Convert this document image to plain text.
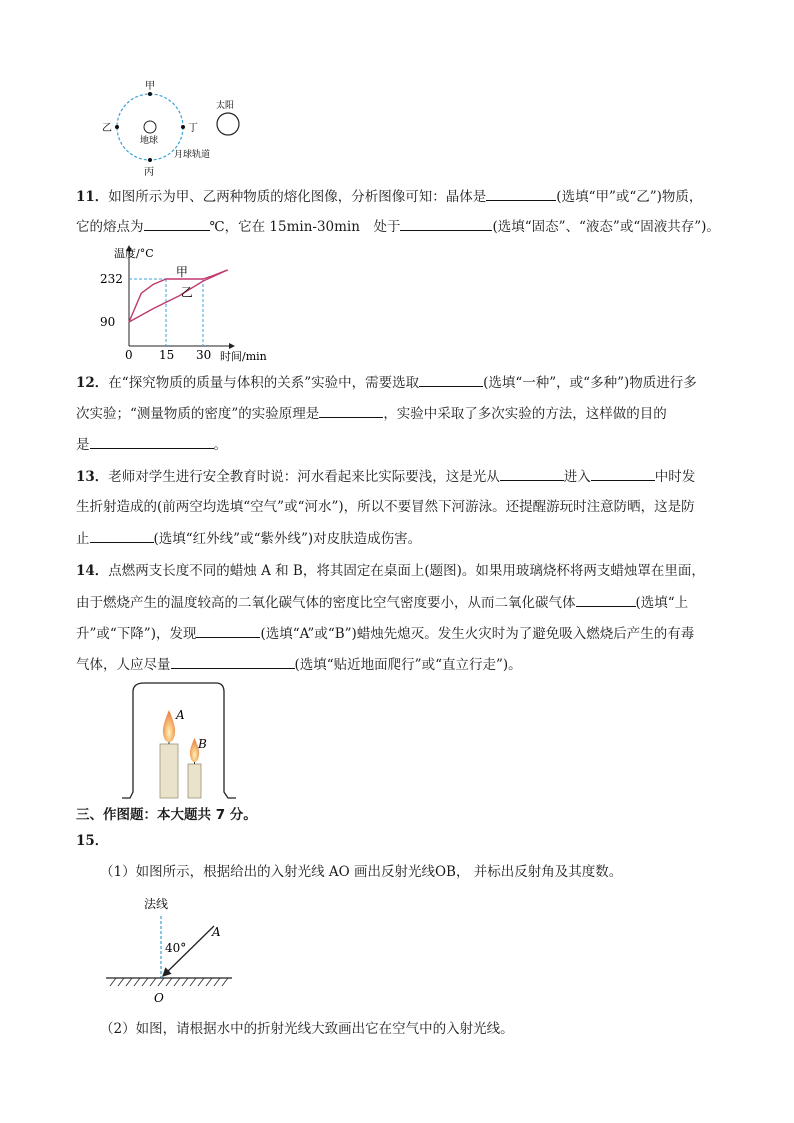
甲
乙	丁
丙
地球
月球轨道
太阳
11．如图所示为甲、乙两种物质的熔化图像，分析图像可知：晶体是	(选填“甲”或“乙”)物质，
它的熔点为	℃，它在 15min-30min　处于	(选填“固态”、“液态”或“固液共存”)。
甲
乙
90
232
0 15 30
温度/°C
时间/min
12．在“探究物质的质量与体积的关系”实验中，需要选取	(选填“一种”，或“多种”)物质进行多
次实验；“测量物质的密度”的实验原理是	，实验中采取了多次实验的方法，这样做的目的
是	。
13．老师对学生进行安全教育时说：河水看起来比实际要浅，这是光从	进入	中时发
生折射造成的(前两空均选填“空气”或“河水”)，所以不要冒然下河游泳。还提醒游玩时注意防晒，这是防
止	(选填“红外线”或“紫外线”)对皮肤造成伤害。
14．点燃两支长度不同的蜡烛 A 和 B，将其固定在桌面上(题图)。如果用玻璃烧杯将两支蜡烛罩在里面，
由于燃烧产生的温度较高的二氧化碳气体的密度比空气密度要小，从而二氧化碳气体	(选填“上
升”或“下降”)，发现	(选填“A”或“B”)蜡烛先熄灭。发生火灾时为了避免吸入燃烧后产生的有毒
气体，人应尽量	(选填“贴近地面爬行”或“直立行走”)。
A
B
三、作图题：本大题共 7 分。
15．
（1）如图所示，根据给出的入射光线 AO 画出反射光线OB， 并标出反射角及其度数。
法线
40°
A
O
（2）如图，请根据水中的折射光线大致画出它在空气中的入射光线。
